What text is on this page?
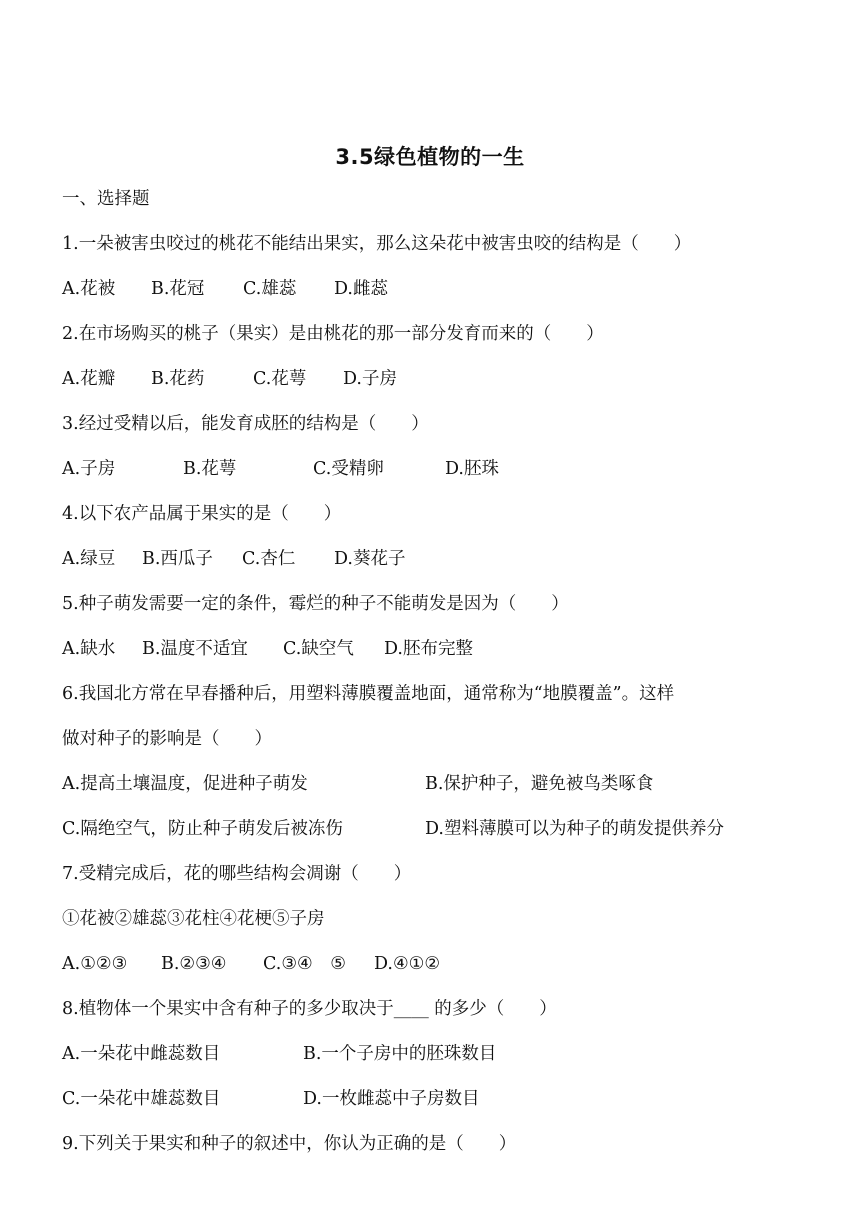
3.5绿色植物的一生
一、选择题
1.一朵被害虫咬过的桃花不能结出果实，那么这朵花中被害虫咬的结构是（　　）
A.花被 B.花冠 C.雄蕊 D.雌蕊
2.在市场购买的桃子（果实）是由桃花的那一部分发育而来的（　　）
A.花瓣 B.花药	C.花萼 D.子房
3.经过受精以后，能发育成胚的结构是（　　）
A.子房	B.花萼	C.受精卵	D.胚珠
4.以下农产品属于果实的是（　　）
A.绿豆 B.西瓜子 C.杏仁 D.葵花子
5.种子萌发需要一定的条件，霉烂的种子不能萌发是因为（　　）
A.缺水 B.温度不适宜 C.缺空气 D.胚布完整
6.我国北方常在早春播种后，用塑料薄膜覆盖地面，通常称为“地膜覆盖”。这样
做对种子的影响是（　　）
A.提高土壤温度，促进种子萌发	B.保护种子，避免被鸟类啄食
C.隔绝空气，防止种子萌发后被冻伤	D.塑料薄膜可以为种子的萌发提供养分
7.受精完成后，花的哪些结构会凋谢（　　）
①花被②雄蕊③花柱④花梗⑤子房
A.①②③ B.②③④ C.③④　⑤ D.④①②
8.植物体一个果实中含有种子的多少取决于____ 的多少（　　）
A.一朵花中雌蕊数目	B.一个子房中的胚珠数目
C.一朵花中雄蕊数目	D.一枚雌蕊中子房数目
9.下列关于果实和种子的叙述中，你认为正确的是（　　）
